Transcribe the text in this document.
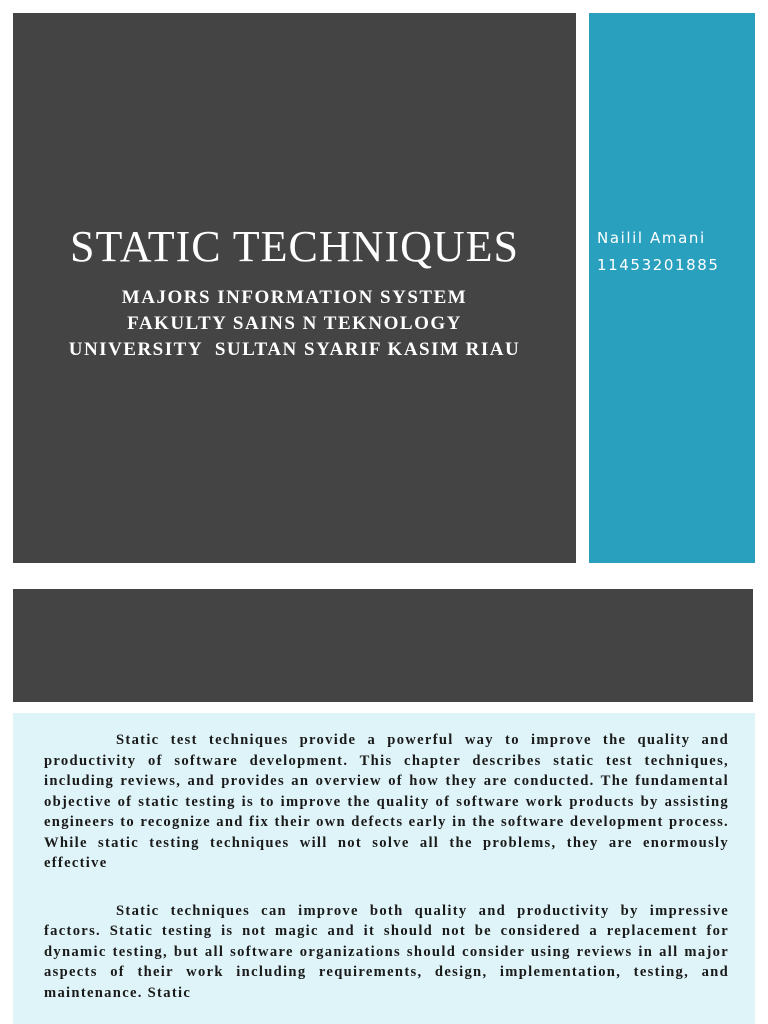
STATIC TECHNIQUES
MAJORS INFORMATION SYSTEM
FAKULTY SAINS N TEKNOLOGY
UNIVERSITY  SULTAN SYARIF KASIM RIAU
Nailil Amani
11453201885

Static test techniques provide a powerful way to improve the quality and productivity of software development. This chapter describes static test techniques, including reviews, and provides an overview of how they are conducted. The fundamental objective of static testing is to improve the quality of software work products by assisting engineers to recognize and fix their own defects early in the software development process. While static testing techniques will not solve all the problems, they are enormously effective

Static techniques can improve both quality and productivity by impressive factors. Static testing is not magic and it should not be considered a replacement for dynamic testing, but all software organizations should consider using reviews in all major aspects of their work including requirements, design, implementation, testing, and maintenance. Static
